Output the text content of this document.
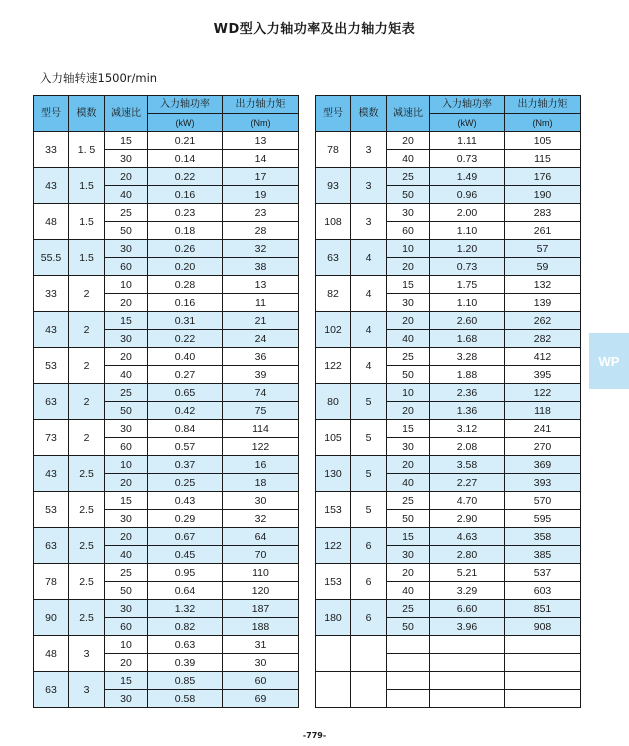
WD型入力轴功率及出力轴力矩表
入力轴转速1500r/min
型号	模数	减速比	入力轴功率	出力轴力矩
			(kW)	(Nm)
33	1. 5	15	0.21	13
		30	0.14	14
43	1.5	20	0.22	17
		40	0.16	19
48	1.5	25	0.23	23
		50	0.18	28
55.5	1.5	30	0.26	32
		60	0.20	38
33	2	10	0.28	13
		20	0.16	11
43	2	15	0.31	21
		30	0.22	24
53	2	20	0.40	36
		40	0.27	39
63	2	25	0.65	74
		50	0.42	75
73	2	30	0.84	114
		60	0.57	122
43	2.5	10	0.37	16
		20	0.25	18
53	2.5	15	0.43	30
		30	0.29	32
63	2.5	20	0.67	64
		40	0.45	70
78	2.5	25	0.95	110
		50	0.64	120
90	2.5	30	1.32	187
		60	0.82	188
48	3	10	0.63	31
		20	0.39	30
63	3	15	0.85	60
		30	0.58	69
型号	模数	减速比	入力轴功率	出力轴力矩
			(kW)	(Nm)
78	3	20	1.11	105
		40	0.73	115
93	3	25	1.49	176
		50	0.96	190
108	3	30	2.00	283
		60	1.10	261
63	4	10	1.20	57
		20	0.73	59
82	4	15	1.75	132
		30	1.10	139
102	4	20	2.60	262
		40	1.68	282
122	4	25	3.28	412
		50	1.88	395
80	5	10	2.36	122
		20	1.36	118
105	5	15	3.12	241
		30	2.08	270
130	5	20	3.58	369
		40	2.27	393
153	5	25	4.70	570
		50	2.90	595
122	6	15	4.63	358
		30	2.80	385
153	6	20	5.21	537
		40	3.29	603
180	6	25	6.60	851
		50	3.96	908

WP
-779-
